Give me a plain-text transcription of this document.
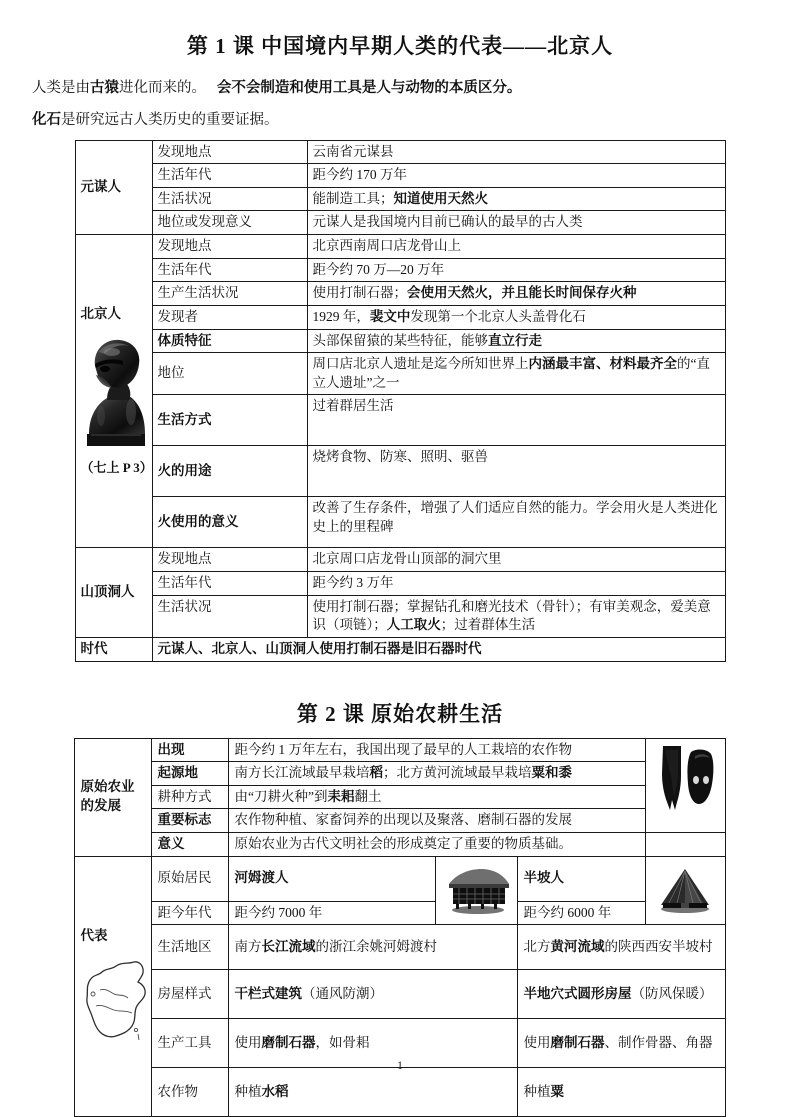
第 1 课 中国境内早期人类的代表——北京人

人类是由古猿进化而来的。 会不会制造和使用工具是人与动物的本质区分。

化石是研究远古人类历史的重要证据。

元谋人	发现地点	云南省元谋县
	生活年代	距今约 170 万年
	生活状况	能制造工具；知道使用天然火
	地位或发现意义	元谋人是我国境内目前已确认的最早的古人类

北京人
（七上 P 3）	发现地点	北京西南周口店龙骨山上
	生活年代	距今约 70 万—20 万年
	生产生活状况	使用打制石器；会使用天然火，并且能长时间保存火种
	发现者	1929 年，裴文中发现第一个北京人头盖骨化石
	体质特征	头部保留猿的某些特征，能够直立行走
	地位	周口店北京人遗址是迄今所知世界上内涵最丰富、材料最齐全的“直立人遗址”之一
	生活方式	过着群居生活
	火的用途	烧烤食物、防寒、照明、驱兽
	火使用的意义	改善了生存条件，增强了人们适应自然的能力。学会用火是人类进化史上的里程碑
山顶洞人	发现地点	北京周口店龙骨山顶部的洞穴里
	生活年代	距今约 3 万年
	生活状况	使用打制石器；掌握钻孔和磨光技术（骨针）；有审美观念，爱美意识（项链）；人工取火；过着群体生活
时代	元谋人、北京人、山顶洞人使用打制石器是旧石器时代	
第 2 课 原始农耕生活
原始农业的发展	出现	距今约 1 万年左右，我国出现了最早的人工栽培的农作物	

	起源地	南方长江流域最早栽培稻；北方黄河流域最早栽培粟和黍			
	耕种方式	由“刀耕火种”到耒耜翻土			
	重要标志	农作物种植、家畜饲养的出现以及聚落、磨制石器的发展			
	意义	原始农业为古代文明社会的形成奠定了重要的物质基础。			

代表	原始居民	河姆渡人		半坡人	

	距今年代	距今约 7000 年		距今约 6000 年	
	生活地区	南方长江流域的浙江余姚河姆渡村		北方黄河流域的陕西西安半坡村	
	房屋样式	干栏式建筑（通风防潮）		半地穴式圆形房屋（防风保暖）	
	生产工具	使用磨制石器，如骨耜		使用磨制石器、制作骨器、角器	
	农作物	种植水稻		种植粟	
1
